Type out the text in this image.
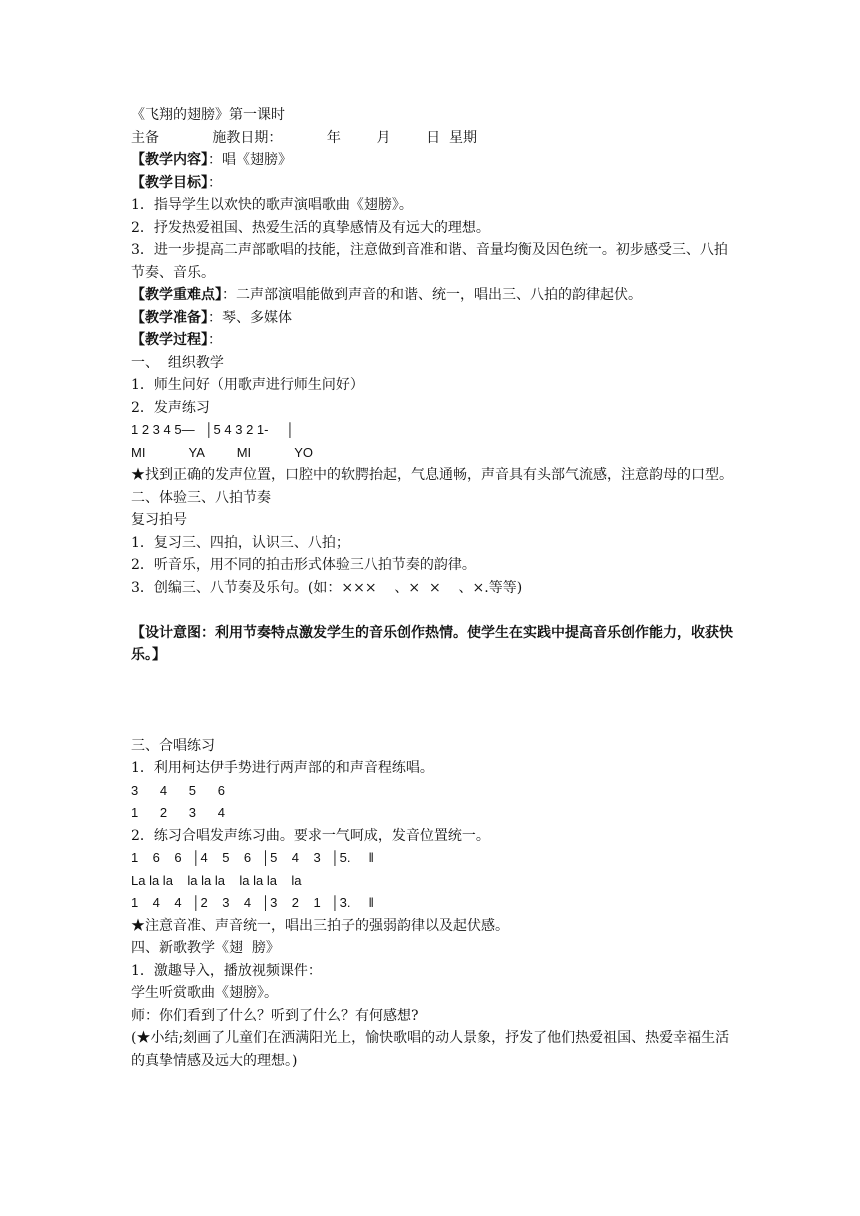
《飞翔的翅膀》第一课时
主备            施教日期：          年        月        日  星期
【教学内容】：唱《翅膀》
【教学目标】：
1．指导学生以欢快的歌声演唱歌曲《翅膀》。
2．抒发热爱祖国、热爱生活的真挚感情及有远大的理想。
3．进一步提高二声部歌唱的技能，注意做到音准和谐、音量均衡及因色统一。初步感受三、八拍节奏、音乐。
【教学重难点】：二声部演唱能做到声音的和谐、统一，唱出三、八拍的韵律起伏。
【教学准备】：琴、多媒体
【教学过程】：
一、  组织教学
1．师生问好（用歌声进行师生问好）
2．发声练习
1 2 3 4 5—   │5 4 3 2 1-     │
MI            YA         MI            YO
★找到正确的发声位置，口腔中的软腭抬起，气息通畅，声音具有头部气流感，注意韵母的口型。
二、体验三、八拍节奏
复习拍号
1．复习三、四拍，认识三、八拍；
2．听音乐，用不同的拍击形式体验三八拍节奏的韵律。
3．创编三、八节奏及乐句。(如：×××    、×  ×    、×.等等)
【设计意图：利用节奏特点激发学生的音乐创作热情。使学生在实践中提高音乐创作能力，收获快乐。】
三、合唱练习
1．利用柯达伊手势进行两声部的和声音程练唱。
3      4      5      6
1      2      3      4
2．练习合唱发声练习曲。要求一气呵成，发音位置统一。
1    6    6   │4    5    6   │5    4    3   │5.     ‖
La la la    la la la    la la la    la
1    4    4   │2    3    4   │3    2    1   │3.     ‖
★注意音准、声音统一，唱出三拍子的强弱韵律以及起伏感。
四、新歌教学《翅  膀》
1．激趣导入，播放视频课件：
学生听赏歌曲《翅膀》。
师：你们看到了什么？听到了什么？有何感想?
(★小结;刻画了儿童们在洒满阳光上，愉快歌唱的动人景象，抒发了他们热爱祖国、热爱幸福生活的真挚情感及远大的理想。)
